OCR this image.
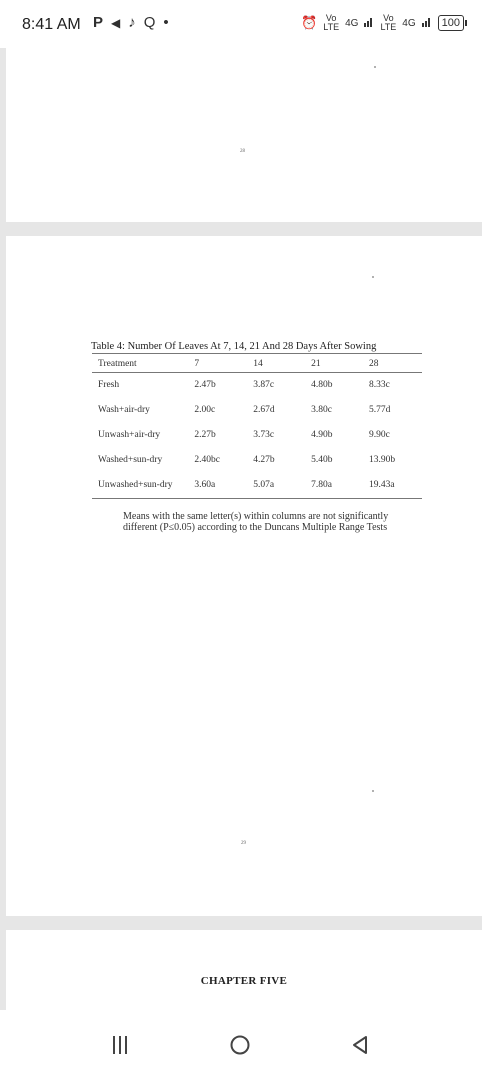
8:41 AM P ◀ ♪ Q •	⏰ Vo
LTE 4G	Vo
LTE 4G	100
28
Table 4: Number Of Leaves At 7, 14, 21 And 28 Days After Sowing
Treatment	7	14	21	28
Fresh	2.47b	3.87c	4.80b	8.33c
Wash+air-dry	2.00c	2.67d	3.80c	5.77d
Unwash+air-dry	2.27b	3.73c	4.90b	9.90c
Washed+sun-dry	2.40bc	4.27b	5.40b	13.90b
Unwashed+sun-dry	3.60a	5.07a	7.80a	19.43a
Means with the same letter(s) within columns are not significantly
different (P≤0.05) according to the Duncans Multiple Range Tests
29
CHAPTER FIVE
